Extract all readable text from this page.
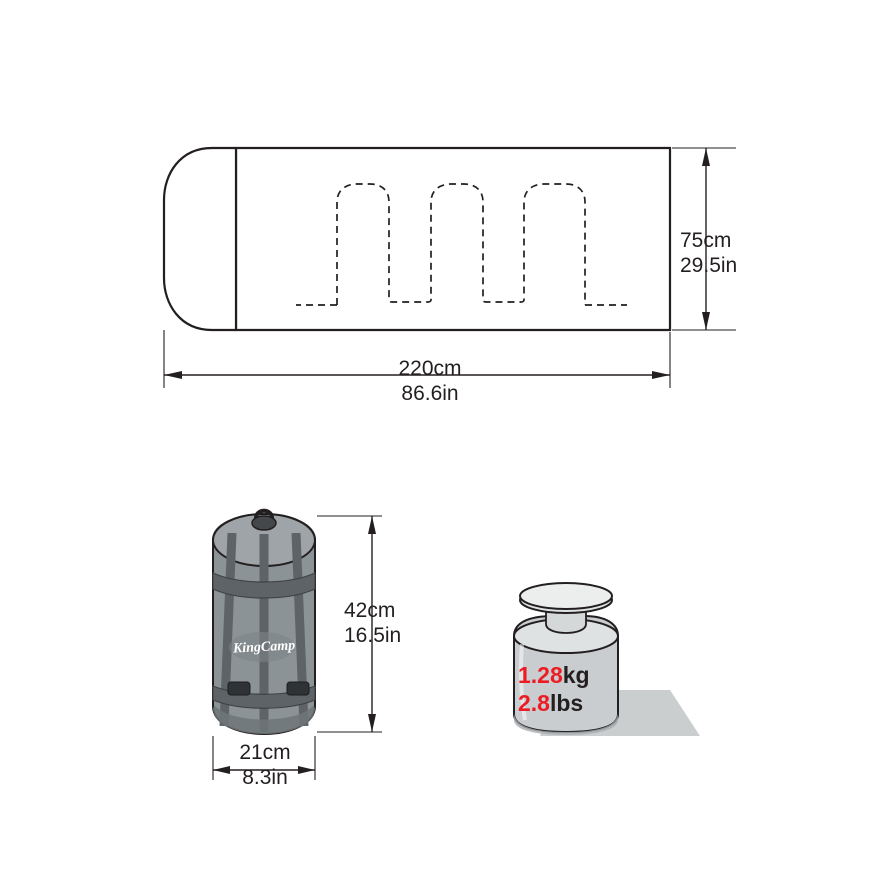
220cm
86.6in
75cm
29.5in
42cm
16.5in
21cm
8.3in
1.28kg
2.8lbs
KingCamp
